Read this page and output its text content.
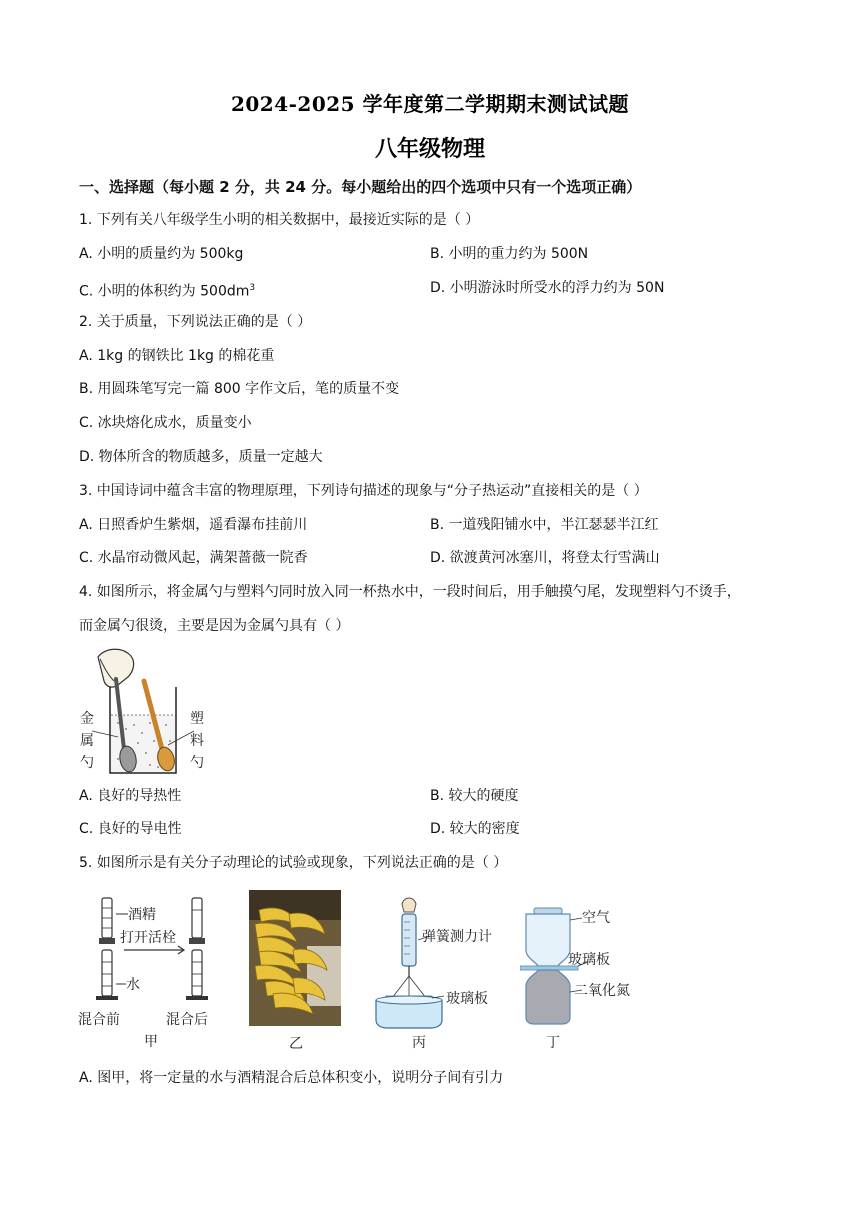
2024-2025 学年度第二学期期末测试试题
八年级物理
一、选择题（每小题 2 分，共 24 分。每小题给出的四个选项中只有一个选项正确）
1. 下列有关八年级学生小明的相关数据中，最接近实际的是（ ）
A. 小明的质量约为 500kg	B. 小明的重力约为 500N
C. 小明的体积约为 $500dm^3$	D. 小明游泳时所受水的浮力约为 50N
2. 关于质量，下列说法正确的是（ ）
A. 1kg 的钢铁比 1kg 的棉花重
B. 用圆珠笔写完一篇 800 字作文后，笔的质量不变
C. 冰块熔化成水，质量变小
D. 物体所含的物质越多，质量一定越大
3. 中国诗词中蕴含丰富的物理原理，下列诗句描述的现象与“分子热运动”直接相关的是（ ）
A. 日照香炉生紫烟，遥看瀑布挂前川	B. 一道残阳铺水中，半江瑟瑟半江红
C. 水晶帘动微风起，满架蔷薇一院香	D. 欲渡黄河冰塞川，将登太行雪满山
4. 如图所示，将金属勺与塑料勺同时放入同一杯热水中，一段时间后，用手触摸勺尾，发现塑料勺不烫手，
而金属勺很烫，主要是因为金属勺具有（ ）
金
属
勺
塑
料
勺
A. 良好的导热性	B. 较大的硬度
C. 良好的导电性	D. 较大的密度
5. 如图所示是有关分子动理论的试验或现象，下列说法正确的是（ ）
酒精
打开活栓
水
混合前	混合后
甲	乙
弹簧测力计
玻璃板
丙
空气
玻璃板
二氧化氮
丁
A. 图甲，将一定量的水与酒精混合后总体积变小，说明分子间有引力
